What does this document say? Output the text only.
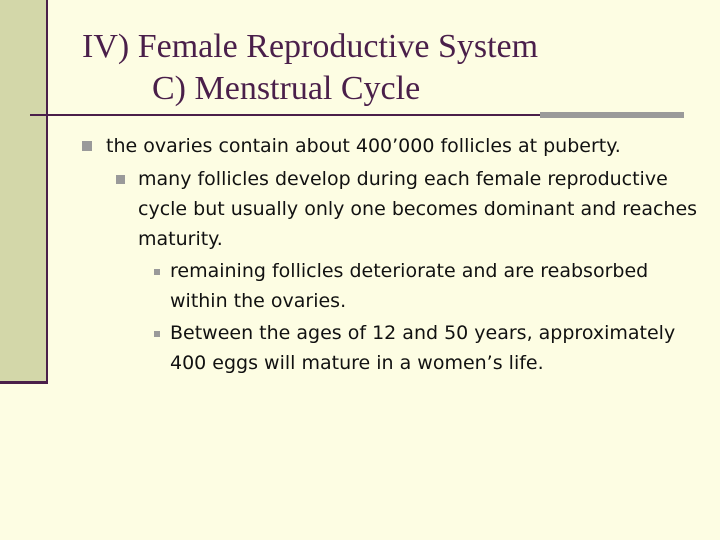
IV) Female Reproductive System
C) Menstrual Cycle

the ovaries contain about 400’000 follicles at puberty.

many follicles develop during each female reproductive cycle but usually only one becomes dominant and reaches maturity.

remaining follicles deteriorate and are reabsorbed within the ovaries.

Between the ages of 12 and 50 years, approximately 400 eggs will mature in a women’s life.
